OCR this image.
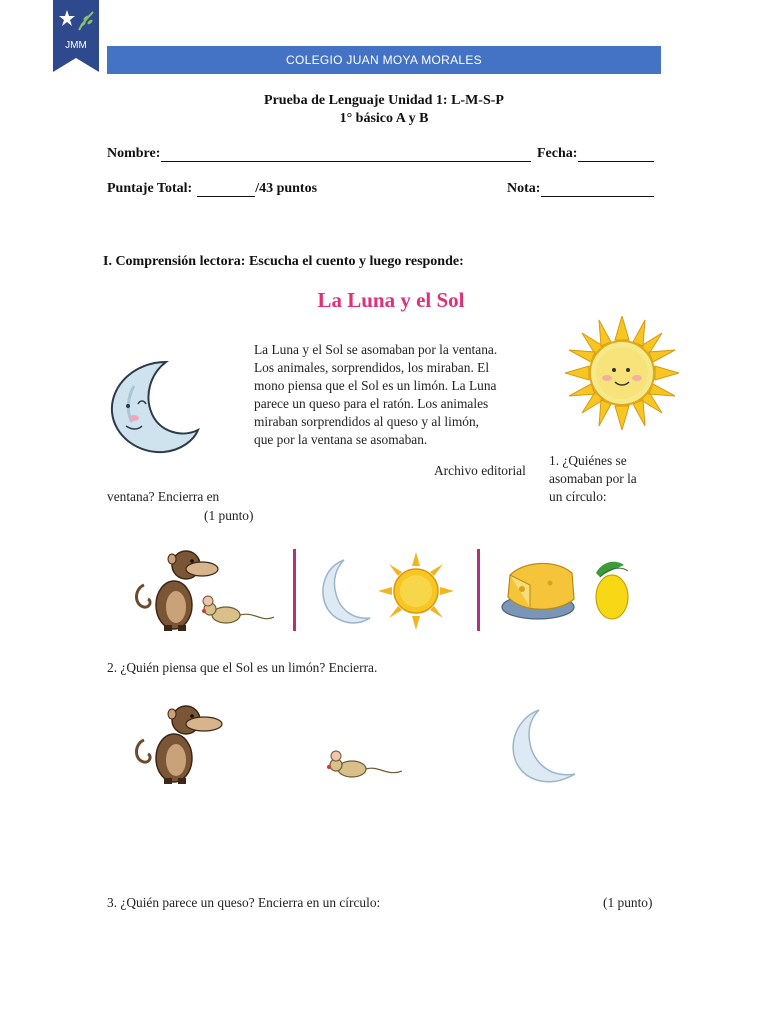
JMM
COLEGIO JUAN MOYA MORALES
Prueba de Lenguaje Unidad 1: L-M-S-P
1° básico A y B
Nombre:	Fecha:
Puntaje Total:	/43 puntos	Nota:
I. Comprensión lectora: Escucha el cuento y luego responde:
La Luna y el Sol
La Luna y el Sol se asomaban por la ventana.
Los animales, sorprendidos, los miraban. El
mono piensa que el Sol es un limón. La Luna
parece un queso para el ratón. Los animales
miraban sorprendidos al queso y al limón,
que por la ventana se asomaban.
Archivo editorial
1. ¿Quiénes se
asomaban por la
un círculo:
ventana? Encierra en
(1 punto)
2. ¿Quién piensa que el Sol es un limón? Encierra.
3. ¿Quién parece un queso? Encierra en un círculo:	(1 punto)
